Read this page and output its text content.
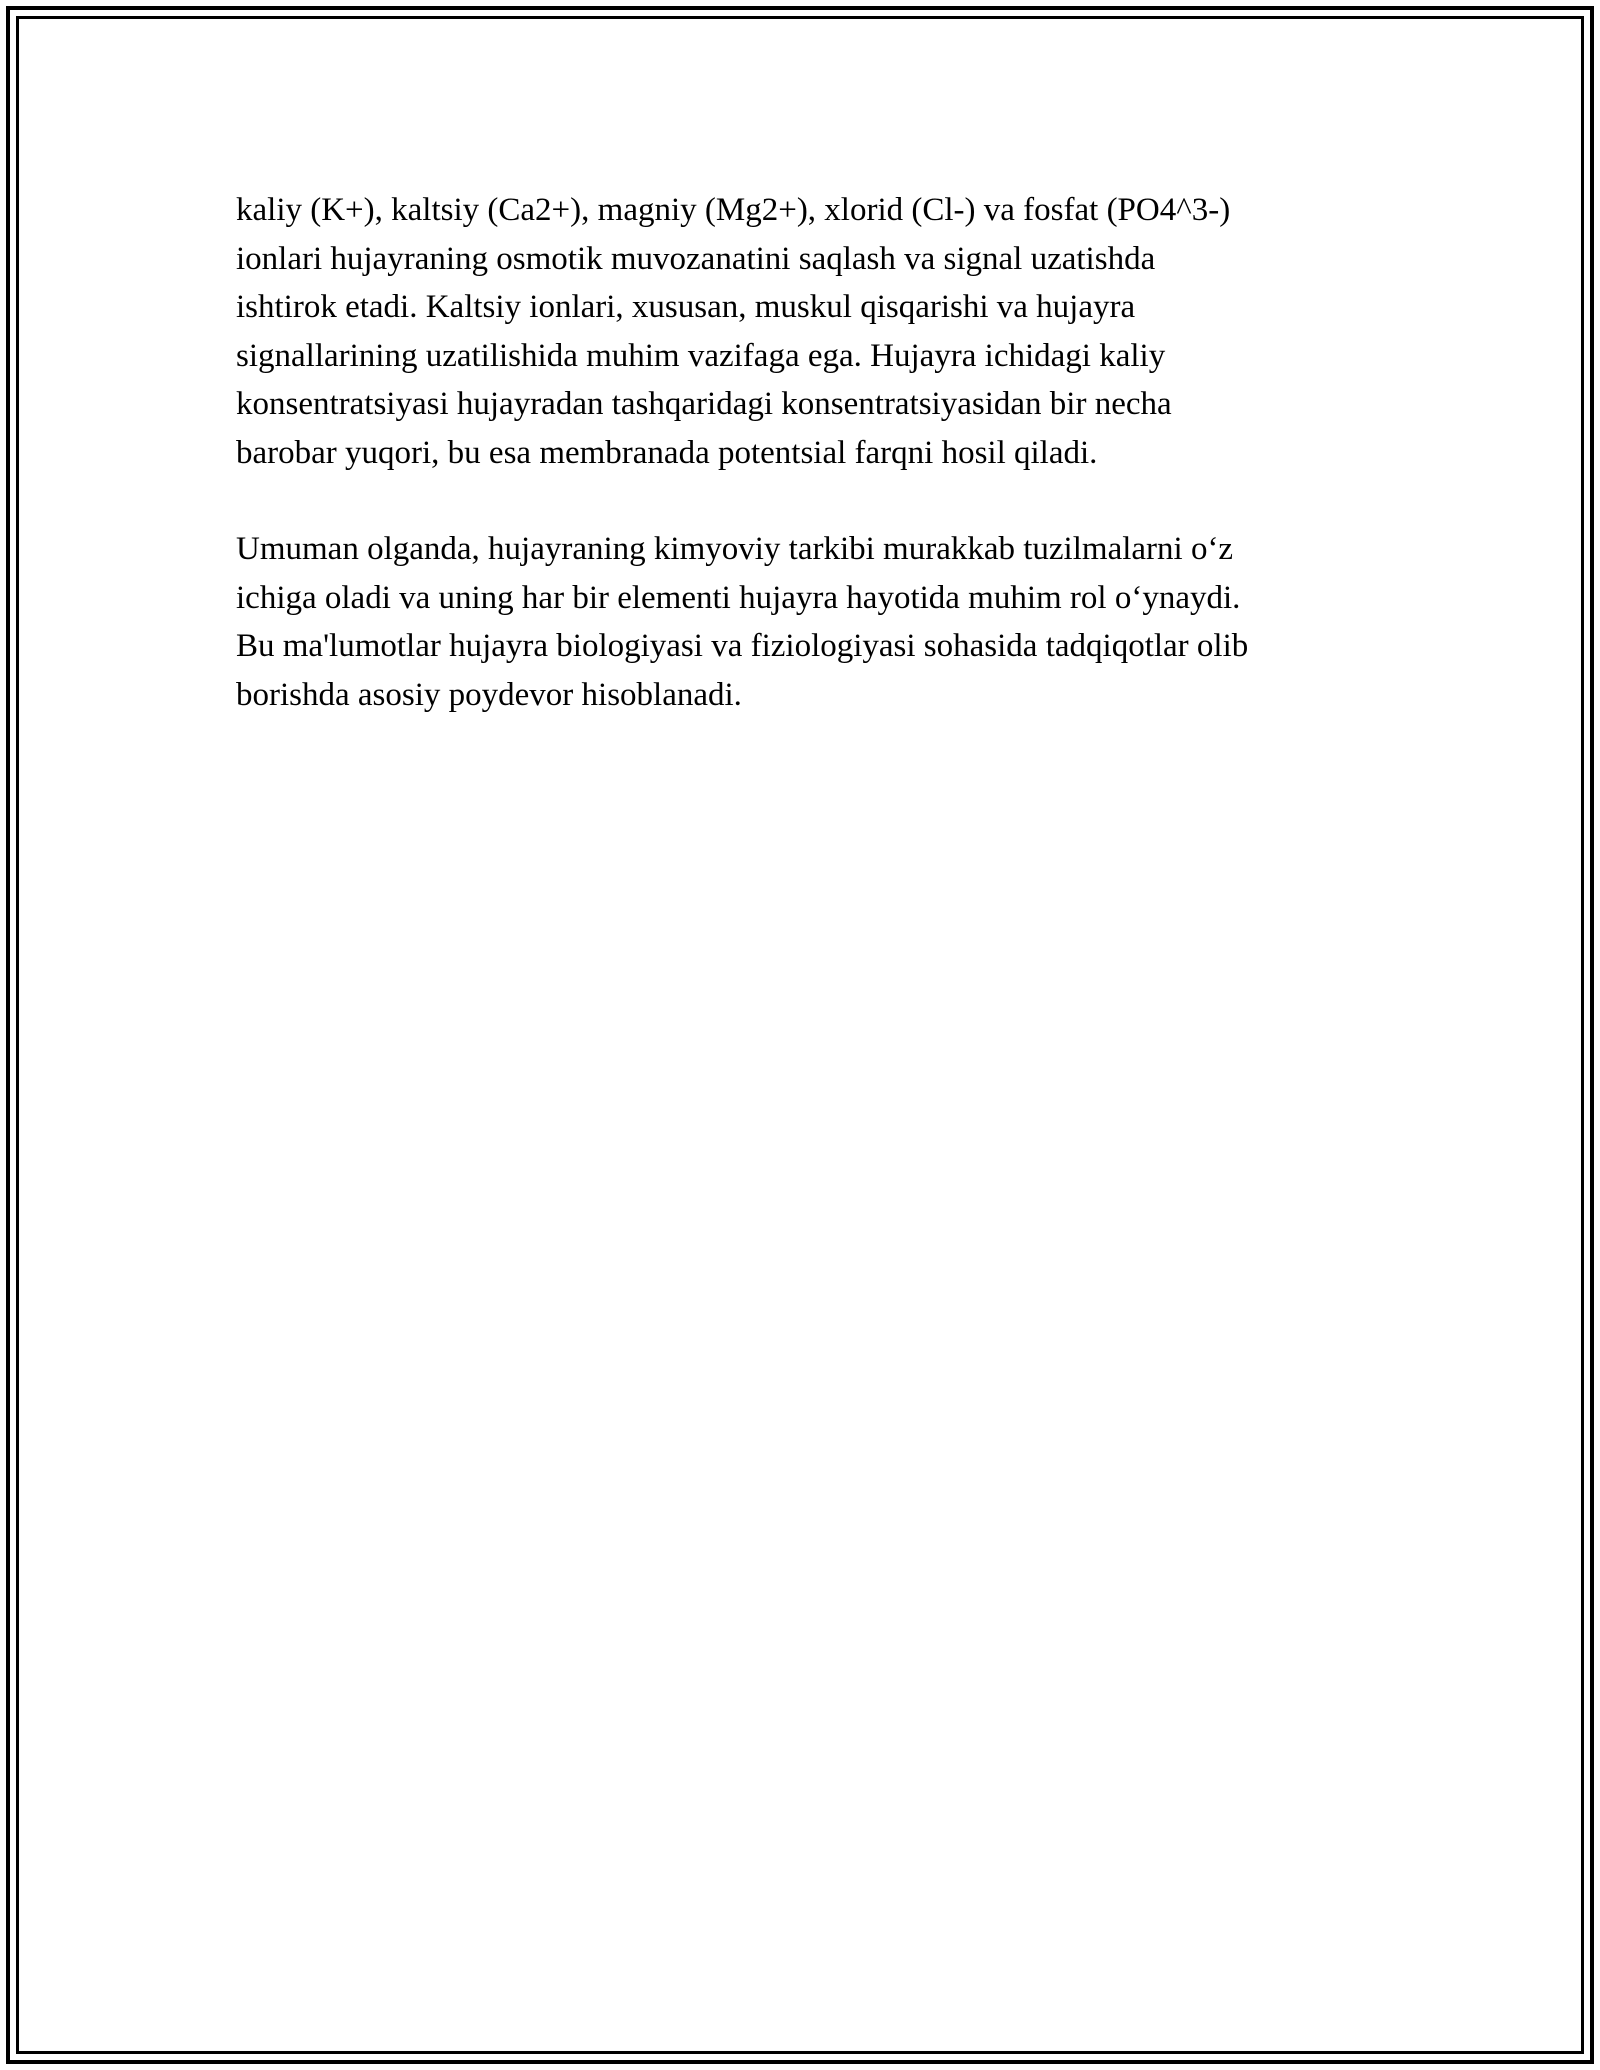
kaliy (K+), kaltsiy (Ca2+), magniy (Mg2+), xlorid (Cl-) va fosfat (PO4^3-)
ionlari hujayraning osmotik muvozanatini saqlash va signal uzatishda
ishtirok etadi. Kaltsiy ionlari, xususan, muskul qisqarishi va hujayra
signallarining uzatilishida muhim vazifaga ega. Hujayra ichidagi kaliy
konsentratsiyasi hujayradan tashqaridagi konsentratsiyasidan bir necha
barobar yuqori, bu esa membranada potentsial farqni hosil qiladi.

Umuman olganda, hujayraning kimyoviy tarkibi murakkab tuzilmalarni o‘z
ichiga oladi va uning har bir elementi hujayra hayotida muhim rol o‘ynaydi.
Bu ma'lumotlar hujayra biologiyasi va fiziologiyasi sohasida tadqiqotlar olib
borishda asosiy poydevor hisoblanadi.
